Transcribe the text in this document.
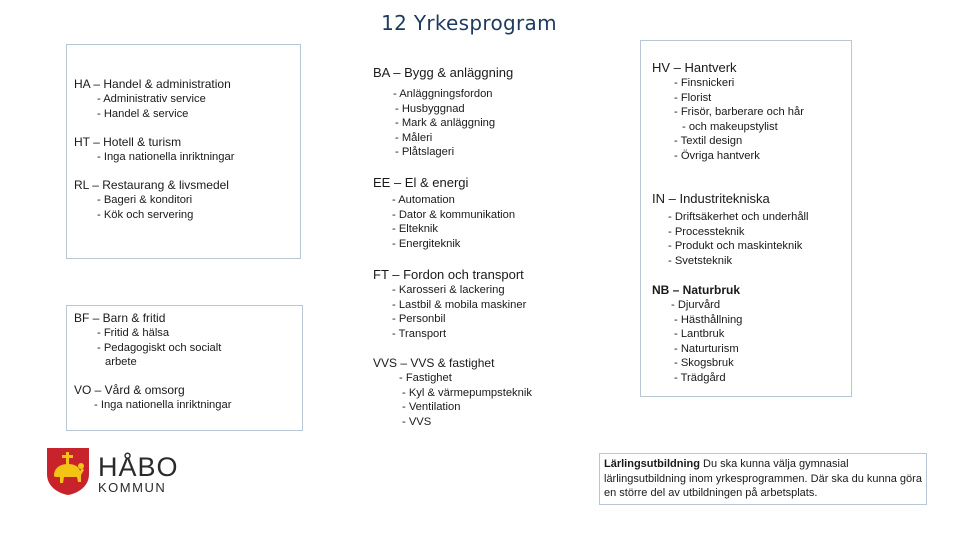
12 Yrkesprogram
HA – Handel & administration
- Administrativ service
- Handel & service
HT – Hotell & turism
- Inga nationella inriktningar
RL – Restaurang & livsmedel
- Bageri & konditori
- Kök och servering
BF – Barn & fritid
- Fritid & hälsa
- Pedagogiskt och socialt
arbete
VO – Vård & omsorg
- Inga nationella inriktningar
BA – Bygg & anläggning
- Anläggningsfordon
- Husbyggnad
- Mark & anläggning
- Måleri
- Plåtslageri
EE – El & energi
- Automation
- Dator & kommunikation
- Elteknik
- Energiteknik
FT – Fordon och transport
- Karosseri & lackering
- Lastbil & mobila maskiner
- Personbil
- Transport
VVS – VVS & fastighet
- Fastighet
- Kyl & värmepumpsteknik
- Ventilation
- VVS
HV – Hantverk
- Finsnickeri
- Florist
- Frisör, barberare och hår
- och makeupstylist
- Textil design
- Övriga hantverk
IN – Industritekniska
- Driftsäkerhet och underhåll
- Processteknik
- Produkt och maskinteknik
- Svetsteknik
NB – Naturbruk
- Djurvård
- Hästhållning
- Lantbruk
- Naturturism
- Skogsbruk
- Trädgård
Lärlingsutbildning Du ska kunna välja gymnasial lärlingsutbildning inom yrkesprogrammen. Där ska du kunna göra en större del av utbildningen på arbetsplats.
HÅBO
KOMMUN
